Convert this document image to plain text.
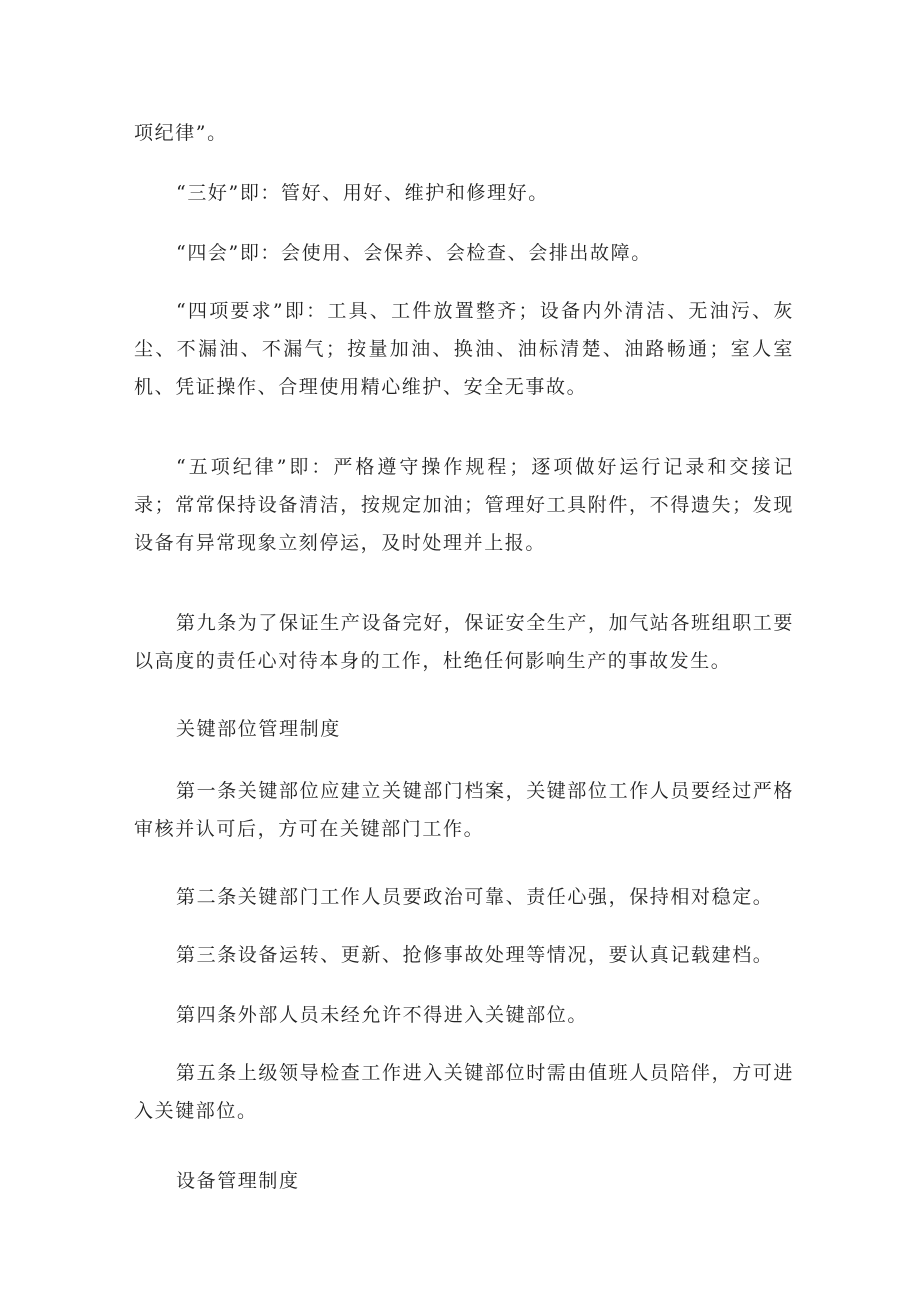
项纪律”。

“三好”即：管好、用好、维护和修理好。

“四会”即：会使用、会保养、会检查、会排出故障。

“四项要求”即：工具、工件放置整齐；设备内外清洁、无油污、灰尘、不漏油、不漏气；按量加油、换油、油标清楚、油路畅通；室人室机、凭证操作、合理使用精心维护、安全无事故。

“五项纪律”即：严格遵守操作规程；逐项做好运行记录和交接记录；常常保持设备清洁，按规定加油；管理好工具附件，不得遗失；发现设备有异常现象立刻停运，及时处理并上报。

第九条为了保证生产设备完好，保证安全生产，加气站各班组职工要以高度的责任心对待本身的工作，杜绝任何影响生产的事故发生。

关键部位管理制度

第一条关键部位应建立关键部门档案，关键部位工作人员要经过严格审核并认可后，方可在关键部门工作。

第二条关键部门工作人员要政治可靠、责任心强，保持相对稳定。

第三条设备运转、更新、抢修事故处理等情况，要认真记载建档。

第四条外部人员未经允许不得进入关键部位。

第五条上级领导检查工作进入关键部位时需由值班人员陪伴，方可进入关键部位。

设备管理制度
